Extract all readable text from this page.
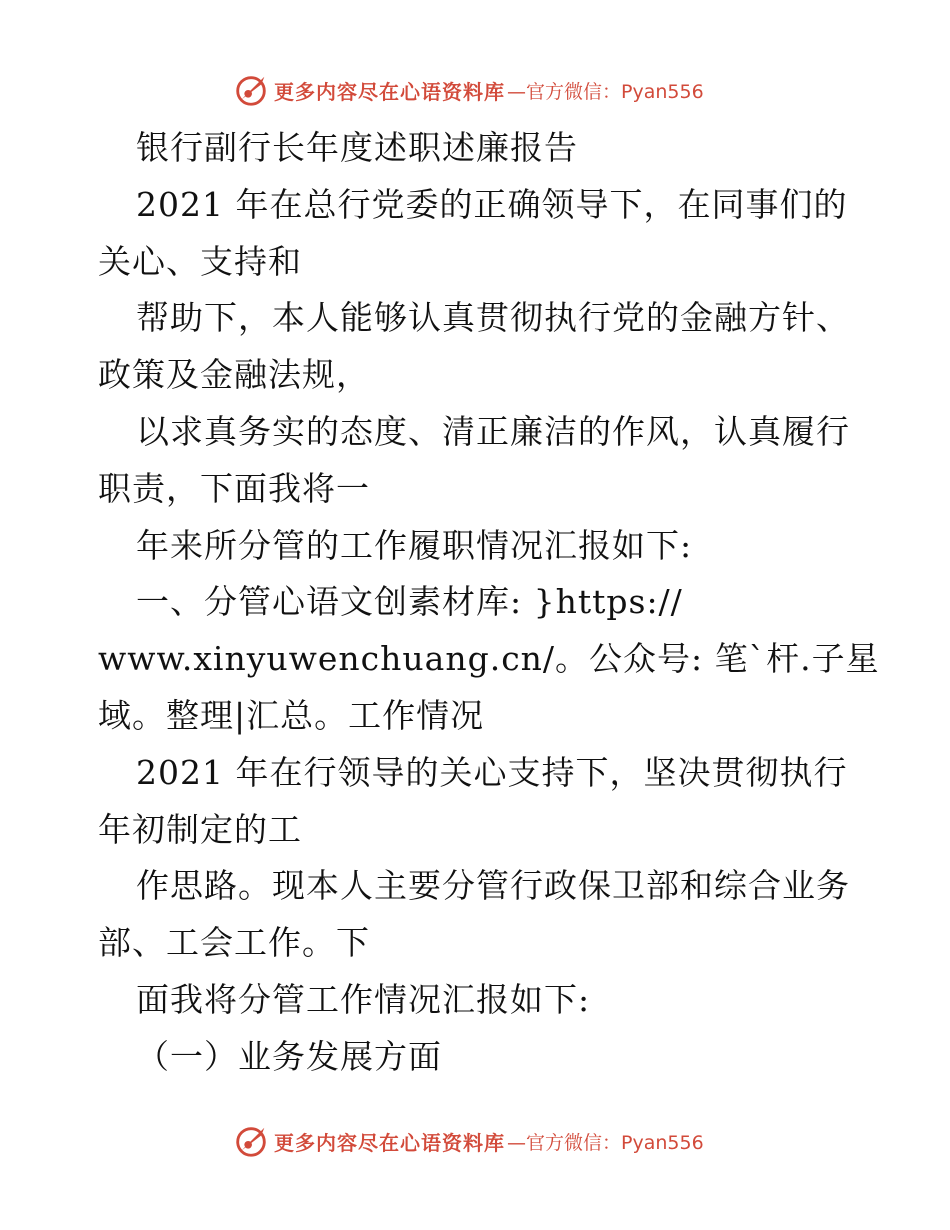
更多内容尽在心语资料库 —官方微信：Pyan556
银行副行长年度述职述廉报告
2021 年在总行党委的正确领导下，在同事们的
关心、支持和
帮助下，本人能够认真贯彻执行党的金融方针、
政策及金融法规，
以求真务实的态度、清正廉洁的作风，认真履行
职责，下面我将一
年来所分管的工作履职情况汇报如下:
一、分管心语文创素材库: }https://
www.xinyuwenchuang.cn/。公众号: 笔`杆.子星
域。整理|汇总。工作情况
2021 年在行领导的关心支持下，坚决贯彻执行
年初制定的工
作思路。现本人主要分管行政保卫部和综合业务
部、工会工作。下
面我将分管工作情况汇报如下:
（一）业务发展方面
更多内容尽在心语资料库 —官方微信：Pyan556
